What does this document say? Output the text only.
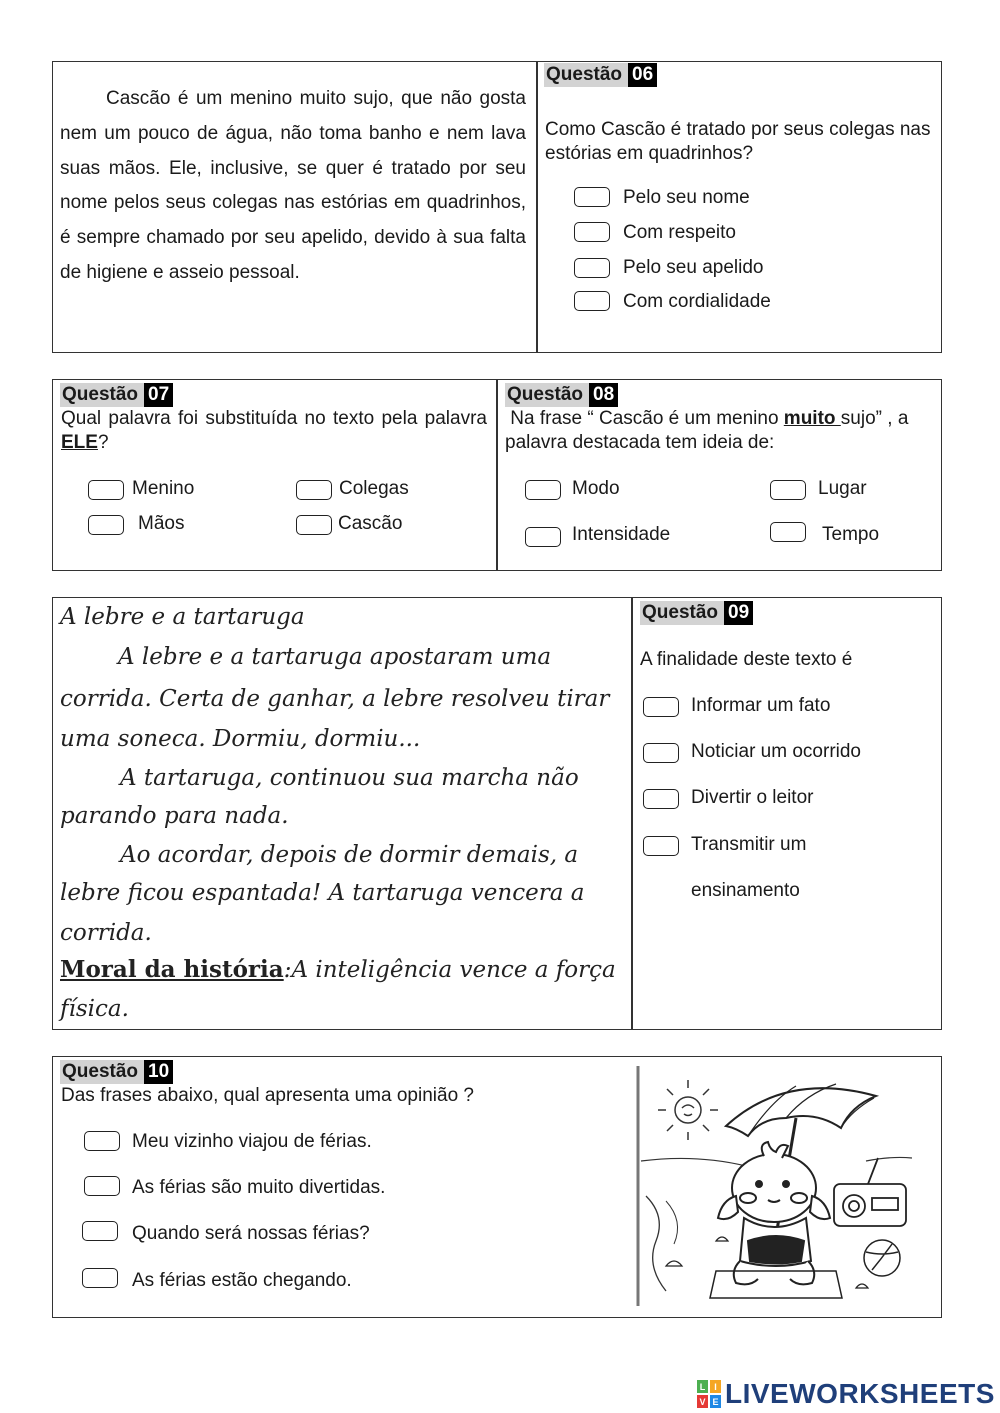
Cascão é um menino muito sujo, que não gosta nem um pouco de água, não toma banho e nem lava suas mãos. Ele, inclusive, se quer é tratado por seu nome pelos seus colegas nas estórias em quadrinhos, é sempre chamado por seu apelido, devido à sua falta de higiene e asseio pessoal.

Questão 06
Como Cascão é tratado por seus colegas nas estórias em quadrinhos?
Pelo seu nome
Com respeito
Pelo seu apelido
Com cordialidade
Questão 07
Qual palavra foi substituída no texto pela palavra ELE?
Menino	Colegas
Mãos	Cascão
Questão 08
Na frase “ Cascão é um menino muito sujo” , a palavra destacada tem ideia de:
Modo	Lugar
Intensidade	Tempo
A lebre e a tartaruga
A lebre e a tartaruga apostaram uma
corrida. Certa de ganhar, a lebre resolveu tirar
uma soneca. Dormiu, dormiu...
A tartaruga, continuou sua marcha não
parando para nada.
Ao acordar, depois de dormir demais, a
lebre ficou espantada! A tartaruga vencera a
corrida.
Moral da história:A inteligência vence a força
física.
Questão 09
A finalidade deste texto é
Informar um fato
Noticiar um ocorrido
Divertir o leitor
Transmitir um
ensinamento
Questão 10
Das frases abaixo, qual apresenta uma opinião ?
Meu vizinho viajou de férias.
As férias são muito divertidas.
Quando será nossas férias?
As férias estão chegando.
L I
V E LIVEWORKSHEETS
